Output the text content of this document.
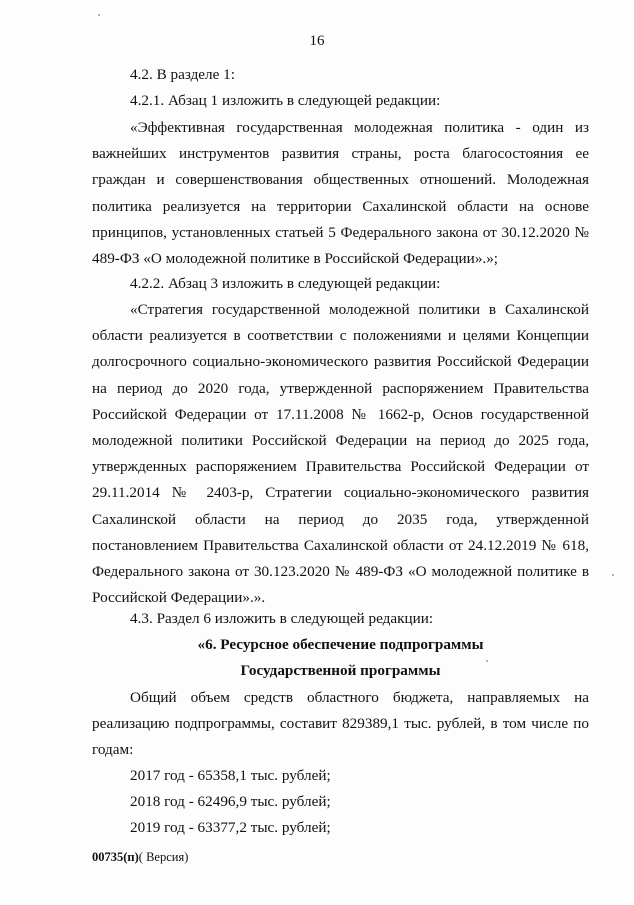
16

4.2. В разделе 1:

4.2.1. Абзац 1 изложить в следующей редакции:

«Эффективная государственная молодежная политика - один из важнейших инструментов развития страны, роста благосостояния ее граждан и совершенствования общественных отношений. Молодежная политика реализуется на территории Сахалинской области на основе принципов, установленных статьей 5 Федерального закона от 30.12.2020 № 489-ФЗ «О молодежной политике в Российской Федерации».»;

4.2.2. Абзац 3 изложить в следующей редакции:

«Стратегия государственной молодежной политики в Сахалинской области реализуется в соответствии с положениями и целями Концепции долгосрочного социально-экономического развития Российской Федерации на период до 2020 года, утвержденной распоряжением Правительства Российской Федерации от 17.11.2008 № 1662-р, Основ государственной молодежной политики Российской Федерации на период до 2025 года, утвержденных распоряжением Правительства Российской Федерации от 29.11.2014 № 2403-р, Стратегии социально-экономического развития Сахалинской области на период до 2035 года, утвержденной постановлением Правительства Сахалинской области от 24.12.2019 № 618, Федерального закона от 30.123.2020 № 489-ФЗ «О молодежной политике в Российской Федерации».».

4.3. Раздел 6 изложить в следующей редакции:

«6. Ресурсное обеспечение подпрограммы

Государственной программы

Общий объем средств областного бюджета, направляемых на реализацию подпрограммы, составит 829389,1 тыс. рублей, в том числе по годам:

2017 год - 65358,1 тыс. рублей;

2018 год - 62496,9 тыс. рублей;

2019 год - 63377,2 тыс. рублей;

00735(п)( Версия)
